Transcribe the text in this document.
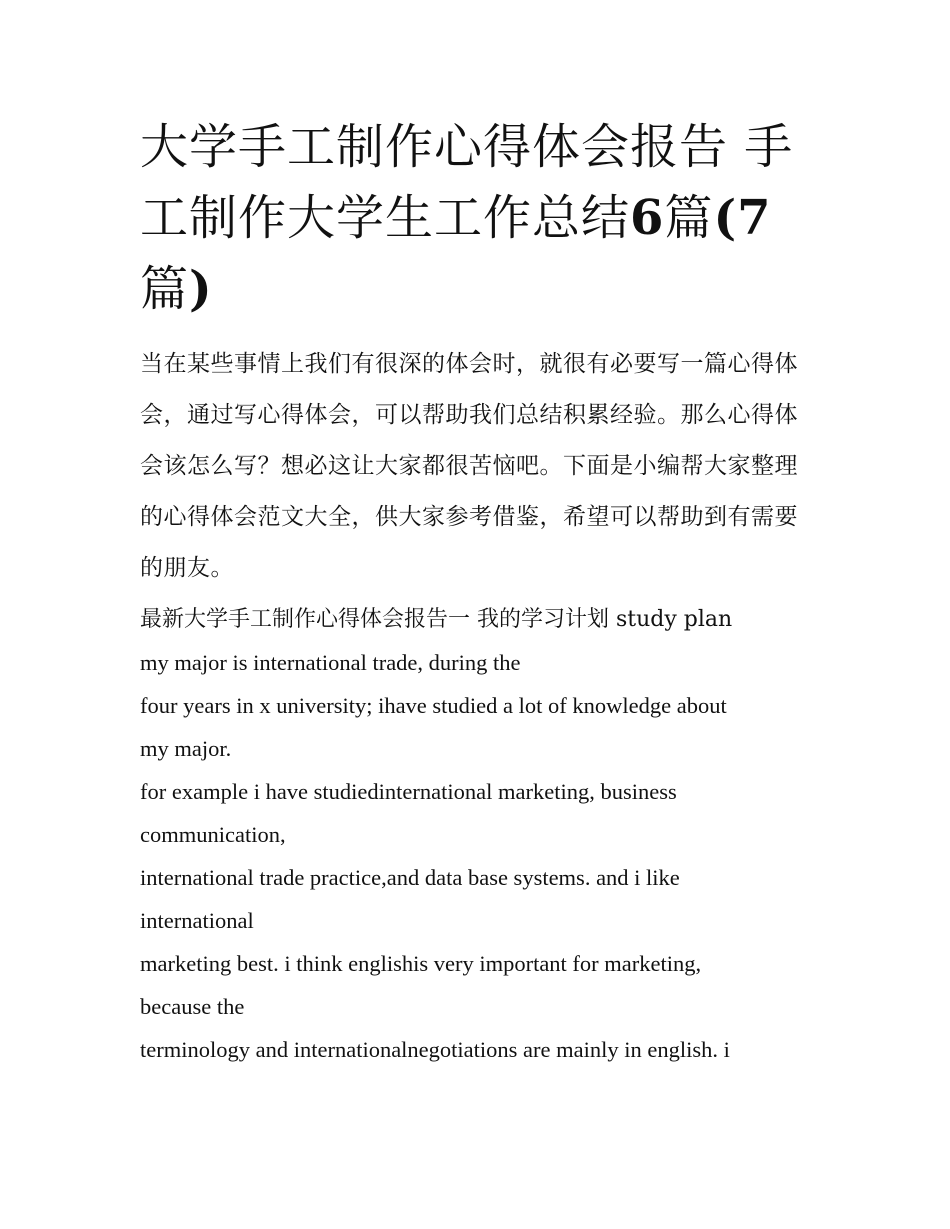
大学手工制作心得体会报告 手工制作大学生工作总结6篇(7篇)

当在某些事情上我们有很深的体会时，就很有必要写一篇心得体会，通过写心得体会，可以帮助我们总结积累经验。那么心得体会该怎么写？想必这让大家都很苦恼吧。下面是小编帮大家整理的心得体会范文大全，供大家参考借鉴，希望可以帮助到有需要的朋友。

最新大学手工制作心得体会报告一 我的学习计划 study plan
my major is international trade, during the
four years in x university; ihave studied a lot of knowledge about
my major.
for example i have studiedinternational marketing, business
communication,
international trade practice,and data base systems. and i like
international
marketing best. i think englishis very important for marketing,
because the
terminology and internationalnegotiations are mainly in english. i
